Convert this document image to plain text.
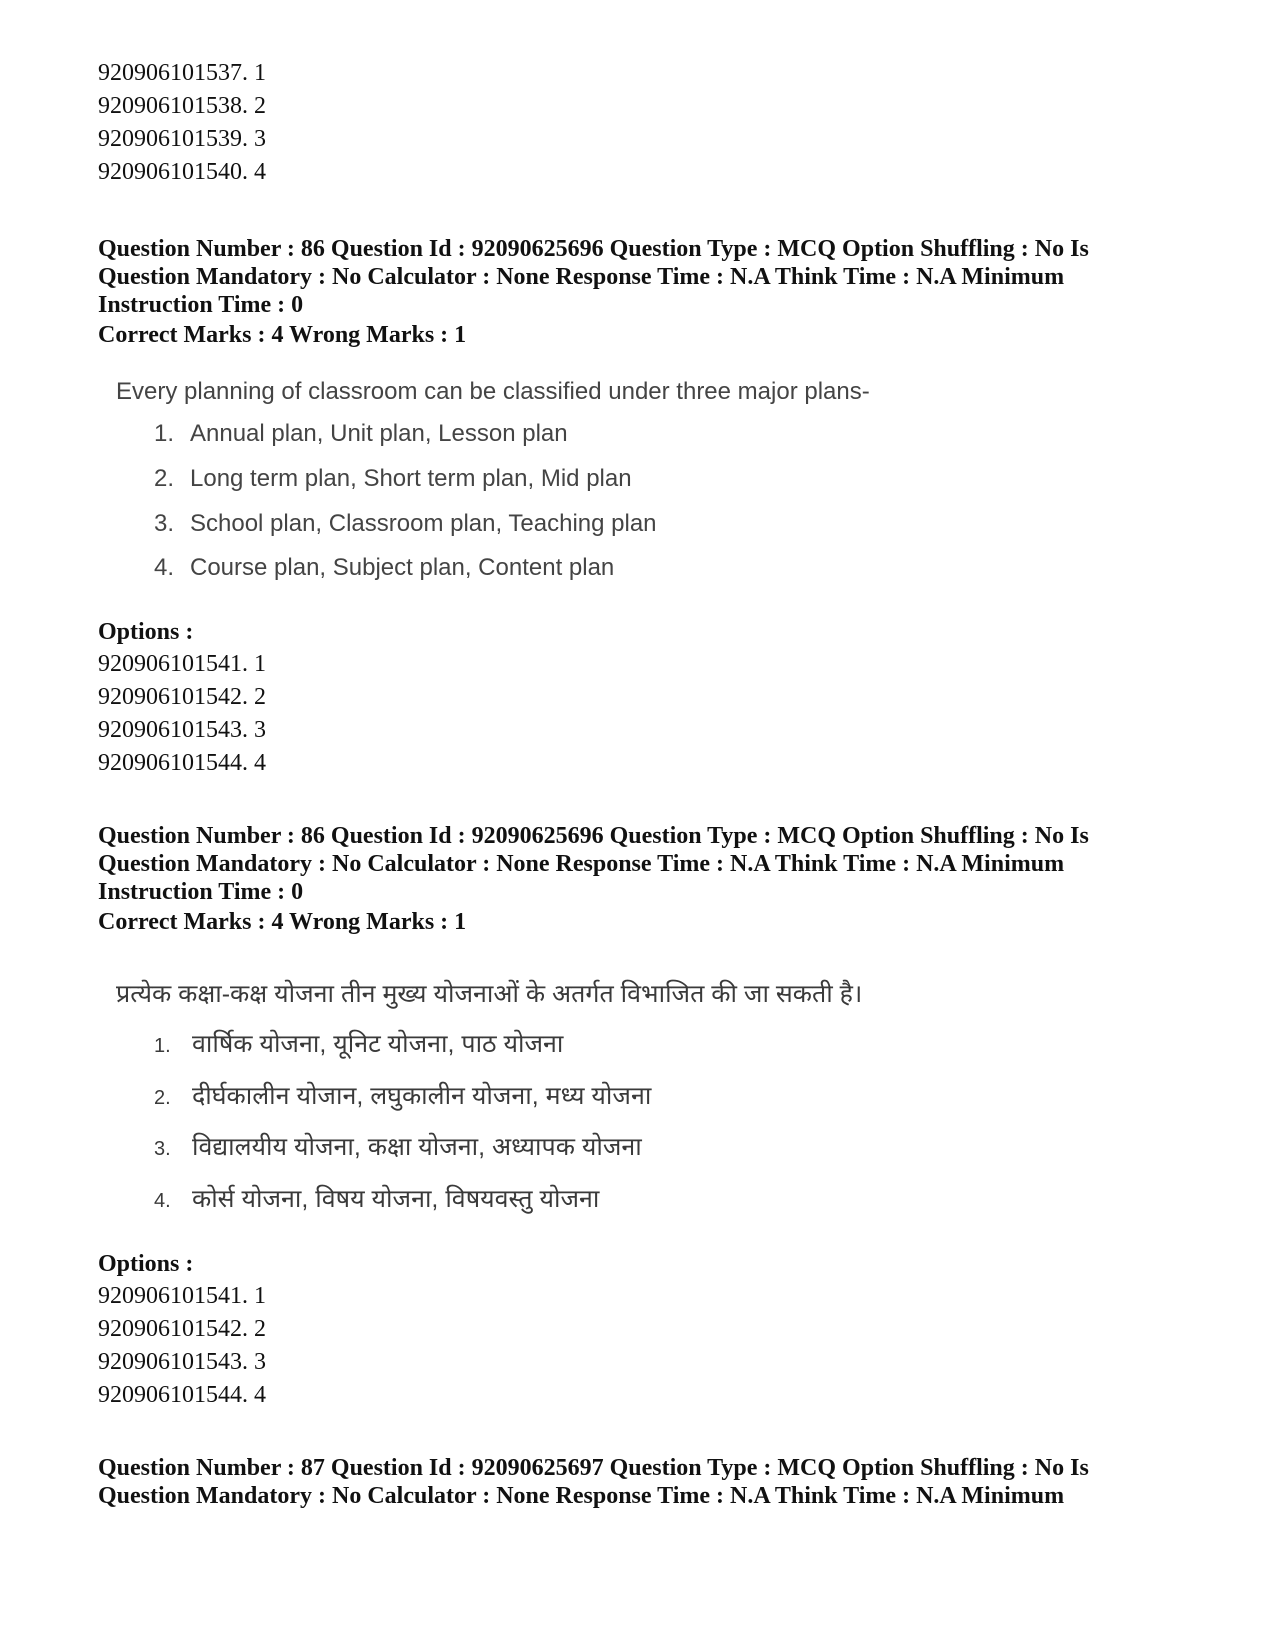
920906101537. 1
920906101538. 2
920906101539. 3
920906101540. 4
Question Number : 86 Question Id : 92090625696 Question Type : MCQ Option Shuffling : No Is
Question Mandatory : No Calculator : None Response Time : N.A Think Time : N.A Minimum
Instruction Time : 0
Correct Marks : 4 Wrong Marks : 1
Every planning of classroom can be classified under three major plans-
1. Annual plan, Unit plan, Lesson plan
2. Long term plan, Short term plan, Mid plan
3. School plan, Classroom plan, Teaching plan
4. Course plan, Subject plan, Content plan
Options :
920906101541. 1
920906101542. 2
920906101543. 3
920906101544. 4
Question Number : 86 Question Id : 92090625696 Question Type : MCQ Option Shuffling : No Is
Question Mandatory : No Calculator : None Response Time : N.A Think Time : N.A Minimum
Instruction Time : 0
Correct Marks : 4 Wrong Marks : 1
प्रत्येक कक्षा-कक्ष योजना तीन मुख्य योजनाओं के अतर्गत विभाजित की जा सकती है।
1. वार्षिक योजना, यूनिट योजना, पाठ योजना
2. दीर्घकालीन योजान, लघुकालीन योजना, मध्य योजना
3. विद्यालयीय योजना, कक्षा योजना, अध्यापक योजना
4. कोर्स योजना, विषय योजना, विषयवस्तु योजना
Options :
920906101541. 1
920906101542. 2
920906101543. 3
920906101544. 4
Question Number : 87 Question Id : 92090625697 Question Type : MCQ Option Shuffling : No Is
Question Mandatory : No Calculator : None Response Time : N.A Think Time : N.A Minimum
